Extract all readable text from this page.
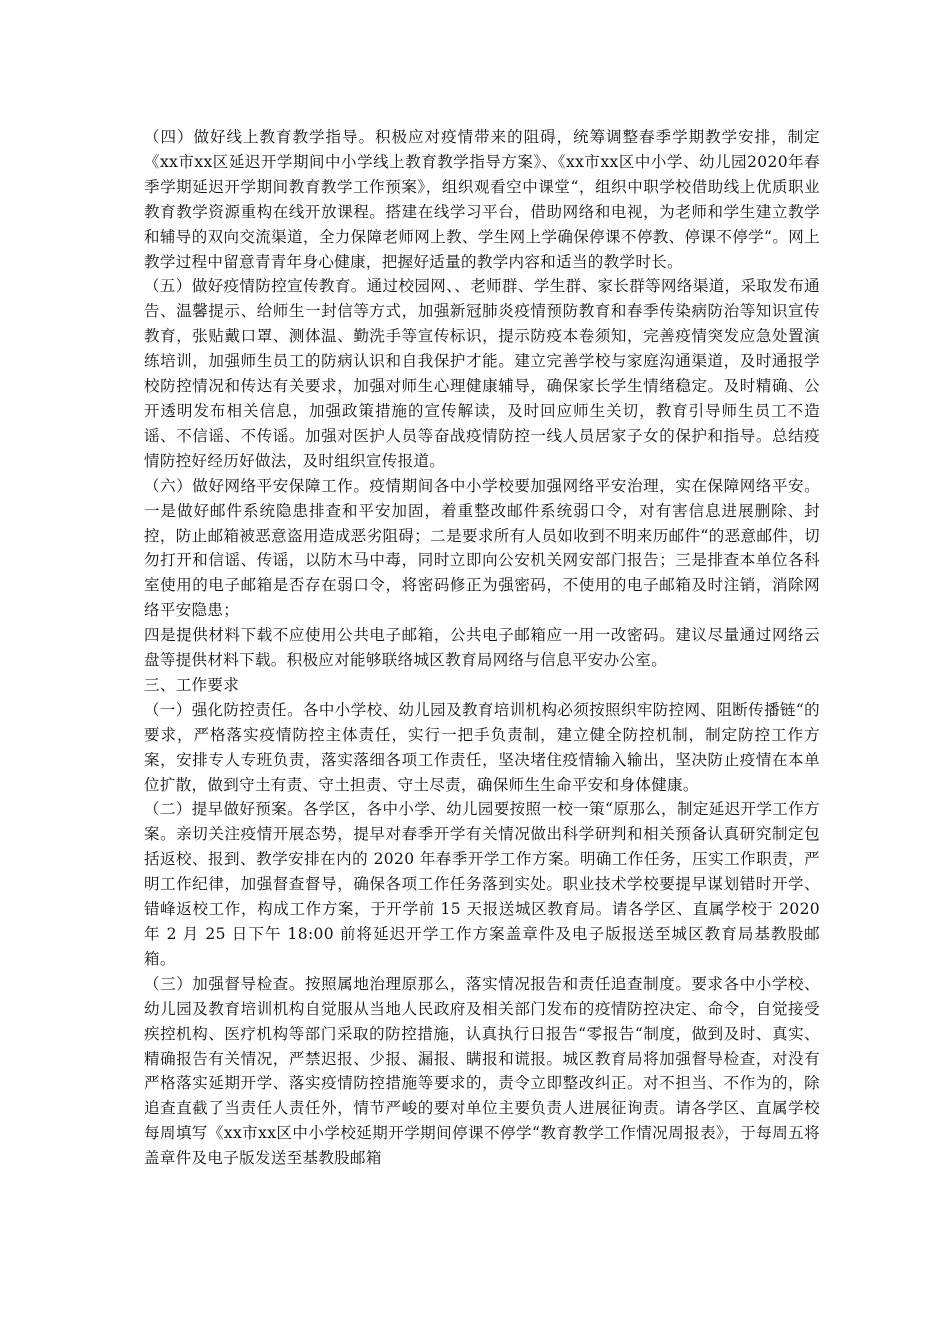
（四）做好线上教育教学指导。积极应对疫情带来的阻碍，统筹调整春季学期教学安排，制定《xx市xx区延迟开学期间中小学线上教育教学指导方案》、《xx市xx区中小学、幼儿园2020年春季学期延迟开学期间教育教学工作预案》，组织观看空中课堂“，组织中职学校借助线上优质职业教育教学资源重构在线开放课程。搭建在线学习平台，借助网络和电视，为老师和学生建立教学和辅导的双向交流渠道，全力保障老师网上教、学生网上学确保停课不停教、停课不停学“。网上教学过程中留意青青年身心健康，把握好适量的教学内容和适当的教学时长。

（五）做好疫情防控宣传教育。通过校园网、、老师群、学生群、家长群等网络渠道，采取发布通告、温馨提示、给师生一封信等方式，加强新冠肺炎疫情预防教育和春季传染病防治等知识宣传教育，张贴戴口罩、测体温、勤洗手等宣传标识，提示防疫本卷须知，完善疫情突发应急处置演练培训，加强师生员工的防病认识和自我保护才能。建立完善学校与家庭沟通渠道，及时通报学校防控情况和传达有关要求，加强对师生心理健康辅导，确保家长学生情绪稳定。及时精确、公开透明发布相关信息，加强政策措施的宣传解读，及时回应师生关切，教育引导师生员工不造谣、不信谣、不传谣。加强对医护人员等奋战疫情防控一线人员居家子女的保护和指导。总结疫情防控好经历好做法，及时组织宣传报道。

（六）做好网络平安保障工作。疫情期间各中小学校要加强网络平安治理，实在保障网络平安。一是做好邮件系统隐患排查和平安加固，着重整改邮件系统弱口令，对有害信息进展删除、封控，防止邮箱被恶意盗用造成恶劣阻碍；二是要求所有人员如收到不明来历邮件“的恶意邮件，切勿打开和信谣、传谣，以防木马中毒，同时立即向公安机关网安部门报告；三是排查本单位各科室使用的电子邮箱是否存在弱口令，将密码修正为强密码，不使用的电子邮箱及时注销，消除网络平安隐患；

四是提供材料下载不应使用公共电子邮箱，公共电子邮箱应一用一改密码。建议尽量通过网络云盘等提供材料下载。积极应对能够联络城区教育局网络与信息平安办公室。

三、工作要求

（一）强化防控责任。各中小学校、幼儿园及教育培训机构必须按照织牢防控网、阻断传播链“的要求，严格落实疫情防控主体责任，实行一把手负责制，建立健全防控机制，制定防控工作方案，安排专人专班负责，落实落细各项工作责任，坚决堵住疫情输入输出，坚决防止疫情在本单位扩散，做到守土有责、守土担责、守土尽责，确保师生生命平安和身体健康。

（二）提早做好预案。各学区，各中小学、幼儿园要按照一校一策“原那么，制定延迟开学工作方案。亲切关注疫情开展态势，提早对春季开学有关情况做出科学研判和相关预备认真研究制定包括返校、报到、教学安排在内的 2020 年春季开学工作方案。明确工作任务，压实工作职责，严明工作纪律，加强督查督导，确保各项工作任务落到实处。职业技术学校要提早谋划错时开学、错峰返校工作，构成工作方案，于开学前 15 天报送城区教育局。请各学区、直属学校于 2020 年 2 月 25 日下午 18:00 前将延迟开学工作方案盖章件及电子版报送至城区教育局基教股邮箱。

（三）加强督导检查。按照属地治理原那么，落实情况报告和责任追查制度。要求各中小学校、幼儿园及教育培训机构自觉服从当地人民政府及相关部门发布的疫情防控决定、命令，自觉接受疾控机构、医疗机构等部门采取的防控措施，认真执行日报告“零报告“制度，做到及时、真实、精确报告有关情况，严禁迟报、少报、漏报、瞒报和谎报。城区教育局将加强督导检查，对没有严格落实延期开学、落实疫情防控措施等要求的，责令立即整改纠正。对不担当、不作为的，除追查直截了当责任人责任外，情节严峻的要对单位主要负责人进展征询责。请各学区、直属学校每周填写《xx市xx区中小学校延期开学期间停课不停学“教育教学工作情况周报表》，于每周五将盖章件及电子版发送至基教股邮箱
